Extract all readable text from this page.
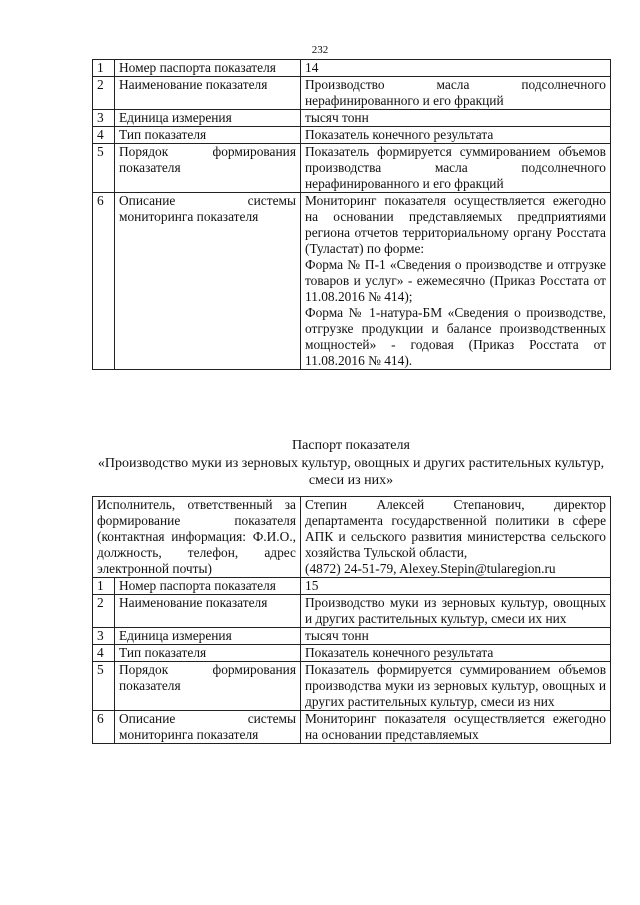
232
1	Номер паспорта показателя	14

2	Наименование показателя	Производство масла подсолнечного нерафинированного и его фракций

3	Единица измерения	тысяч тонн

4	Тип показателя	Показатель конечного результата

5	Порядок формирования показателя	Показатель формируется суммированием объемов производства масла подсолнечного нерафинированного и его фракций

6	Описание системы мониторинга показателя	Мониторинг показателя осуществляется ежегодно на основании представляемых предприятиями региона отчетов территориальному органу Росстата (Туластат) по форме:
Форма № П-1 «Сведения о производстве и отгрузке товаров и услуг» - ежемесячно (Приказ Росстата от 11.08.2016 № 414);
Форма № 1-натура-БМ «Сведения о производстве, отгрузке продукции и балансе производственных мощностей» - годовая (Приказ Росстата от 11.08.2016 № 414).
Паспорт показателя
«Производство муки из зерновых культур, овощных и других растительных культур, смеси из них»
Исполнитель, ответственный за формирование показателя (контактная информация: Ф.И.О., должность, телефон, адрес электронной почты)		Степин Алексей Степанович, директор департамента государственной политики в сфере АПК и сельского развития министерства сельского хозяйства Тульской области,
(4872) 24-51-79, Alexey.Stepin@tularegion.ru

1	Номер паспорта показателя	15

2	Наименование показателя	Производство муки из зерновых культур, овощных и других растительных культур, смеси их них

3	Единица измерения	тысяч тонн

4	Тип показателя	Показатель конечного результата

5	Порядок формирования показателя	Показатель формируется суммированием объемов производства муки из зерновых культур, овощных и других растительных культур, смеси из них

6	Описание системы мониторинга показателя	Мониторинг показателя осуществляется ежегодно на основании представляемых
